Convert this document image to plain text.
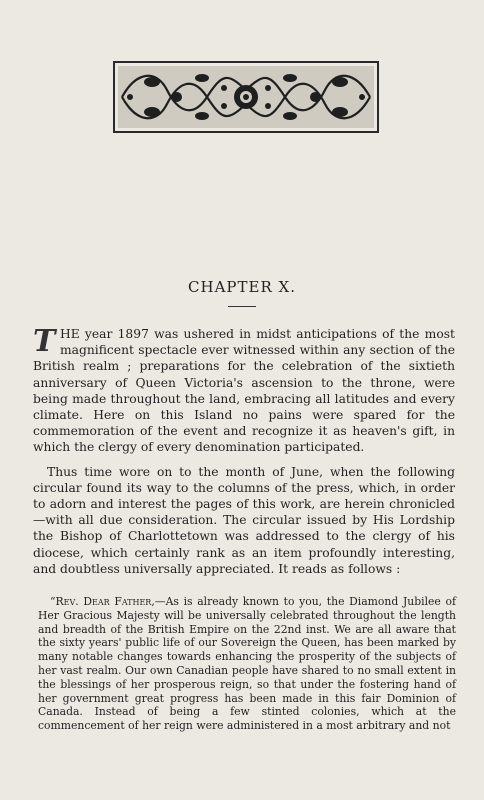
CHAPTER X.

THE year 1897 was ushered in midst anticipations of the most magnificent spectacle ever witnessed within any section of the British realm ; preparations for the celebration of the sixtieth anniversary of Queen Victoria's ascension to the throne, were being made throughout the land, embracing all latitudes and every climate. Here on this Island no pains were spared for the commemoration of the event and recognize it as heaven's gift, in which the clergy of every denomination participated.

Thus time wore on to the month of June, when the following circular found its way to the columns of the press, which, in order to adorn and interest the pages of this work, are herein chronicled—with all due consideration. The circular issued by His Lordship the Bishop of Charlottetown was addressed to the clergy of his diocese, which certainly rank as an item profoundly interesting, and doubtless universally appreciated. It reads as follows :

“Rev. Dear Father,—As is already known to you, the Diamond Jubilee of Her Gracious Majesty will be universally celebrated throughout the length and breadth of the British Empire on the 22nd inst. We are all aware that the sixty years' public life of our Sovereign the Queen, has been marked by many notable changes towards enhancing the prosperity of the subjects of her vast realm. Our own Canadian people have shared to no small extent in the blessings of her prosperous reign, so that under the fostering hand of her government great progress has been made in this fair Dominion of Canada. Instead of being a few stinted colonies, which at the commencement of her reign were administered in a most arbitrary and not
